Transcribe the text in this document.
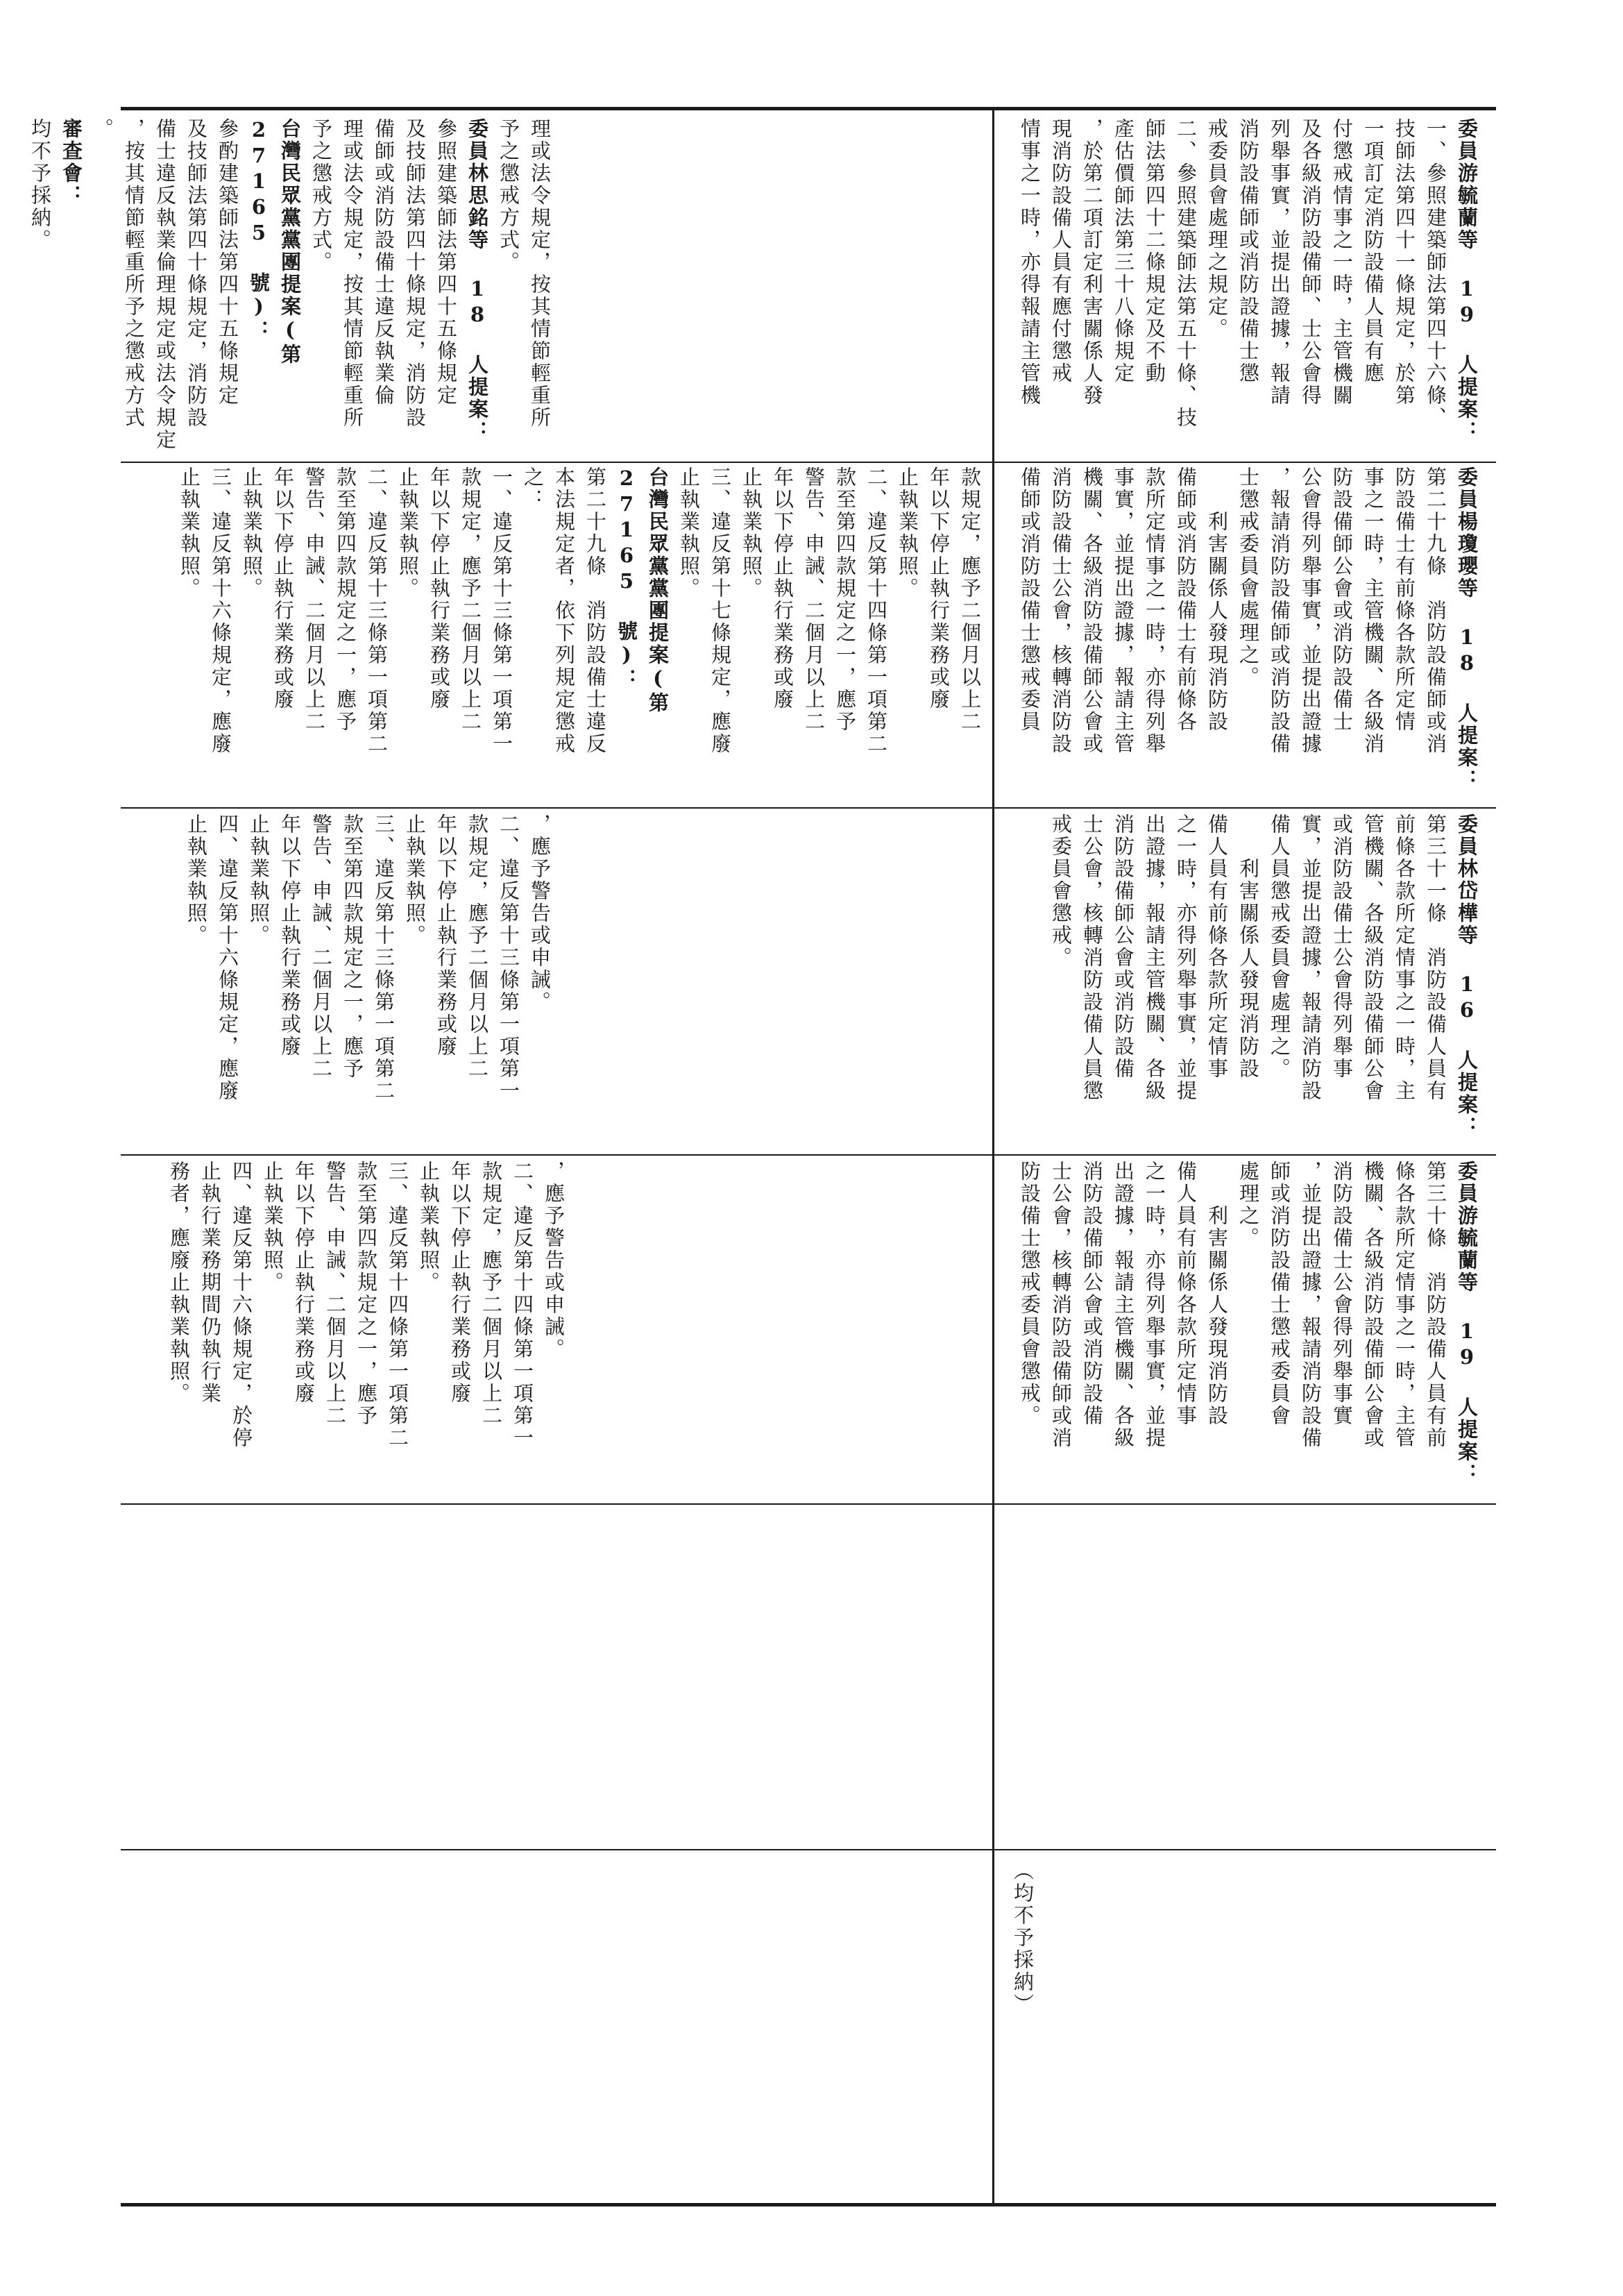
理或法令規定，按其情節輕重所

予之懲戒方式。

委員林思銘等 18 人提案：

參照建築師法第四十五條規定

及技師法第四十條規定，消防設

備師或消防設備士違反執業倫

理或法令規定，按其情節輕重所

予之懲戒方式。

台灣民眾黨黨團提案(第 27165 號)：

參酌建築師法第四十五條規定

及技師法第四十條規定，消防設

備士違反執業倫理規定或法令規定

，按其情節輕重所予之懲戒方式

。

審查會：

均不予採納。

款規定，應予二個月以上二

年以下停止執行業務或廢

止執業執照。

二、違反第十四條第一項第二

款至第四款規定之一，應予

警告、申誡、二個月以上二

年以下停止執行業務或廢

止執業執照。

三、違反第十七條規定，應廢

止執業執照。

台灣民眾黨黨團提案(第 27165 號)：

第二十九條　消防設備士違反

本法規定者，依下列規定懲戒

之：

一、違反第十三條第一項第一

款規定，應予二個月以上二

年以下停止執行業務或廢

止執業執照。

二、違反第十三條第一項第二

款至第四款規定之一，應予

警告、申誡、二個月以上二

年以下停止執行業務或廢

止執業執照。

三、違反第十六條規定，應廢

止執業執照。

，應予警告或申誡。

二、違反第十三條第一項第一

款規定，應予二個月以上二

年以下停止執行業務或廢

止執業執照。

三、違反第十三條第一項第二

款至第四款規定之一，應予

警告、申誡、二個月以上二

年以下停止執行業務或廢

止執業執照。

四、違反第十六條規定，應廢

止執業執照。

，應予警告或申誡。

二、違反第十四條第一項第一

款規定，應予二個月以上二

年以下停止執行業務或廢

止執業執照。

三、違反第十四條第一項第二

款至第四款規定之一，應予

警告、申誡、二個月以上二

年以下停止執行業務或廢

止執業執照。

四、違反第十六條規定，於停

止執行業務期間仍執行業

務者，應廢止執業執照。

委員游毓蘭等 19 人提案：

一、參照建築師法第四十六條、

技師法第四十一條規定，於第

一項訂定消防設備人員有應

付懲戒情事之一時，主管機關

及各級消防設備師、士公會得

列舉事實，並提出證據，報請

消防設備師或消防設備士懲

戒委員會處理之規定。

二、參照建築師法第五十條、技

師法第四十二條規定及不動

產估價師法第三十八條規定

，於第二項訂定利害關係人發

現消防設備人員有應付懲戒

情事之一時，亦得報請主管機

委員楊瓊瓔等 18 人提案：

第二十九條　消防設備師或消

防設備士有前條各款所定情

事之一時，主管機關、各級消

防設備師公會或消防設備士

公會得列舉事實，並提出證據

，報請消防設備師或消防設備

士懲戒委員會處理之。

　　利害關係人發現消防設

備師或消防設備士有前條各

款所定情事之一時，亦得列舉

事實，並提出證據，報請主管

機關、各級消防設備師公會或

消防設備士公會，核轉消防設

備師或消防設備士懲戒委員

委員林岱樺等 16 人提案：

第三十一條　消防設備人員有

前條各款所定情事之一時，主

管機關、各級消防設備師公會

或消防設備士公會得列舉事

實，並提出證據，報請消防設

備人員懲戒委員會處理之。

　　利害關係人發現消防設

備人員有前條各款所定情事

之一時，亦得列舉事實，並提

出證據，報請主管機關、各級

消防設備師公會或消防設備

士公會，核轉消防設備人員懲

戒委員會懲戒。

委員游毓蘭等 19 人提案：

第三十條　消防設備人員有前

條各款所定情事之一時，主管

機關、各級消防設備師公會或

消防設備士公會得列舉事實

，並提出證據，報請消防設備

師或消防設備士懲戒委員會

處理之。

　　利害關係人發現消防設

備人員有前條各款所定情事

之一時，亦得列舉事實，並提

出證據，報請主管機關、各級

消防設備師公會或消防設備

士公會，核轉消防設備師或消

防設備士懲戒委員會懲戒。

（均不予採納）
